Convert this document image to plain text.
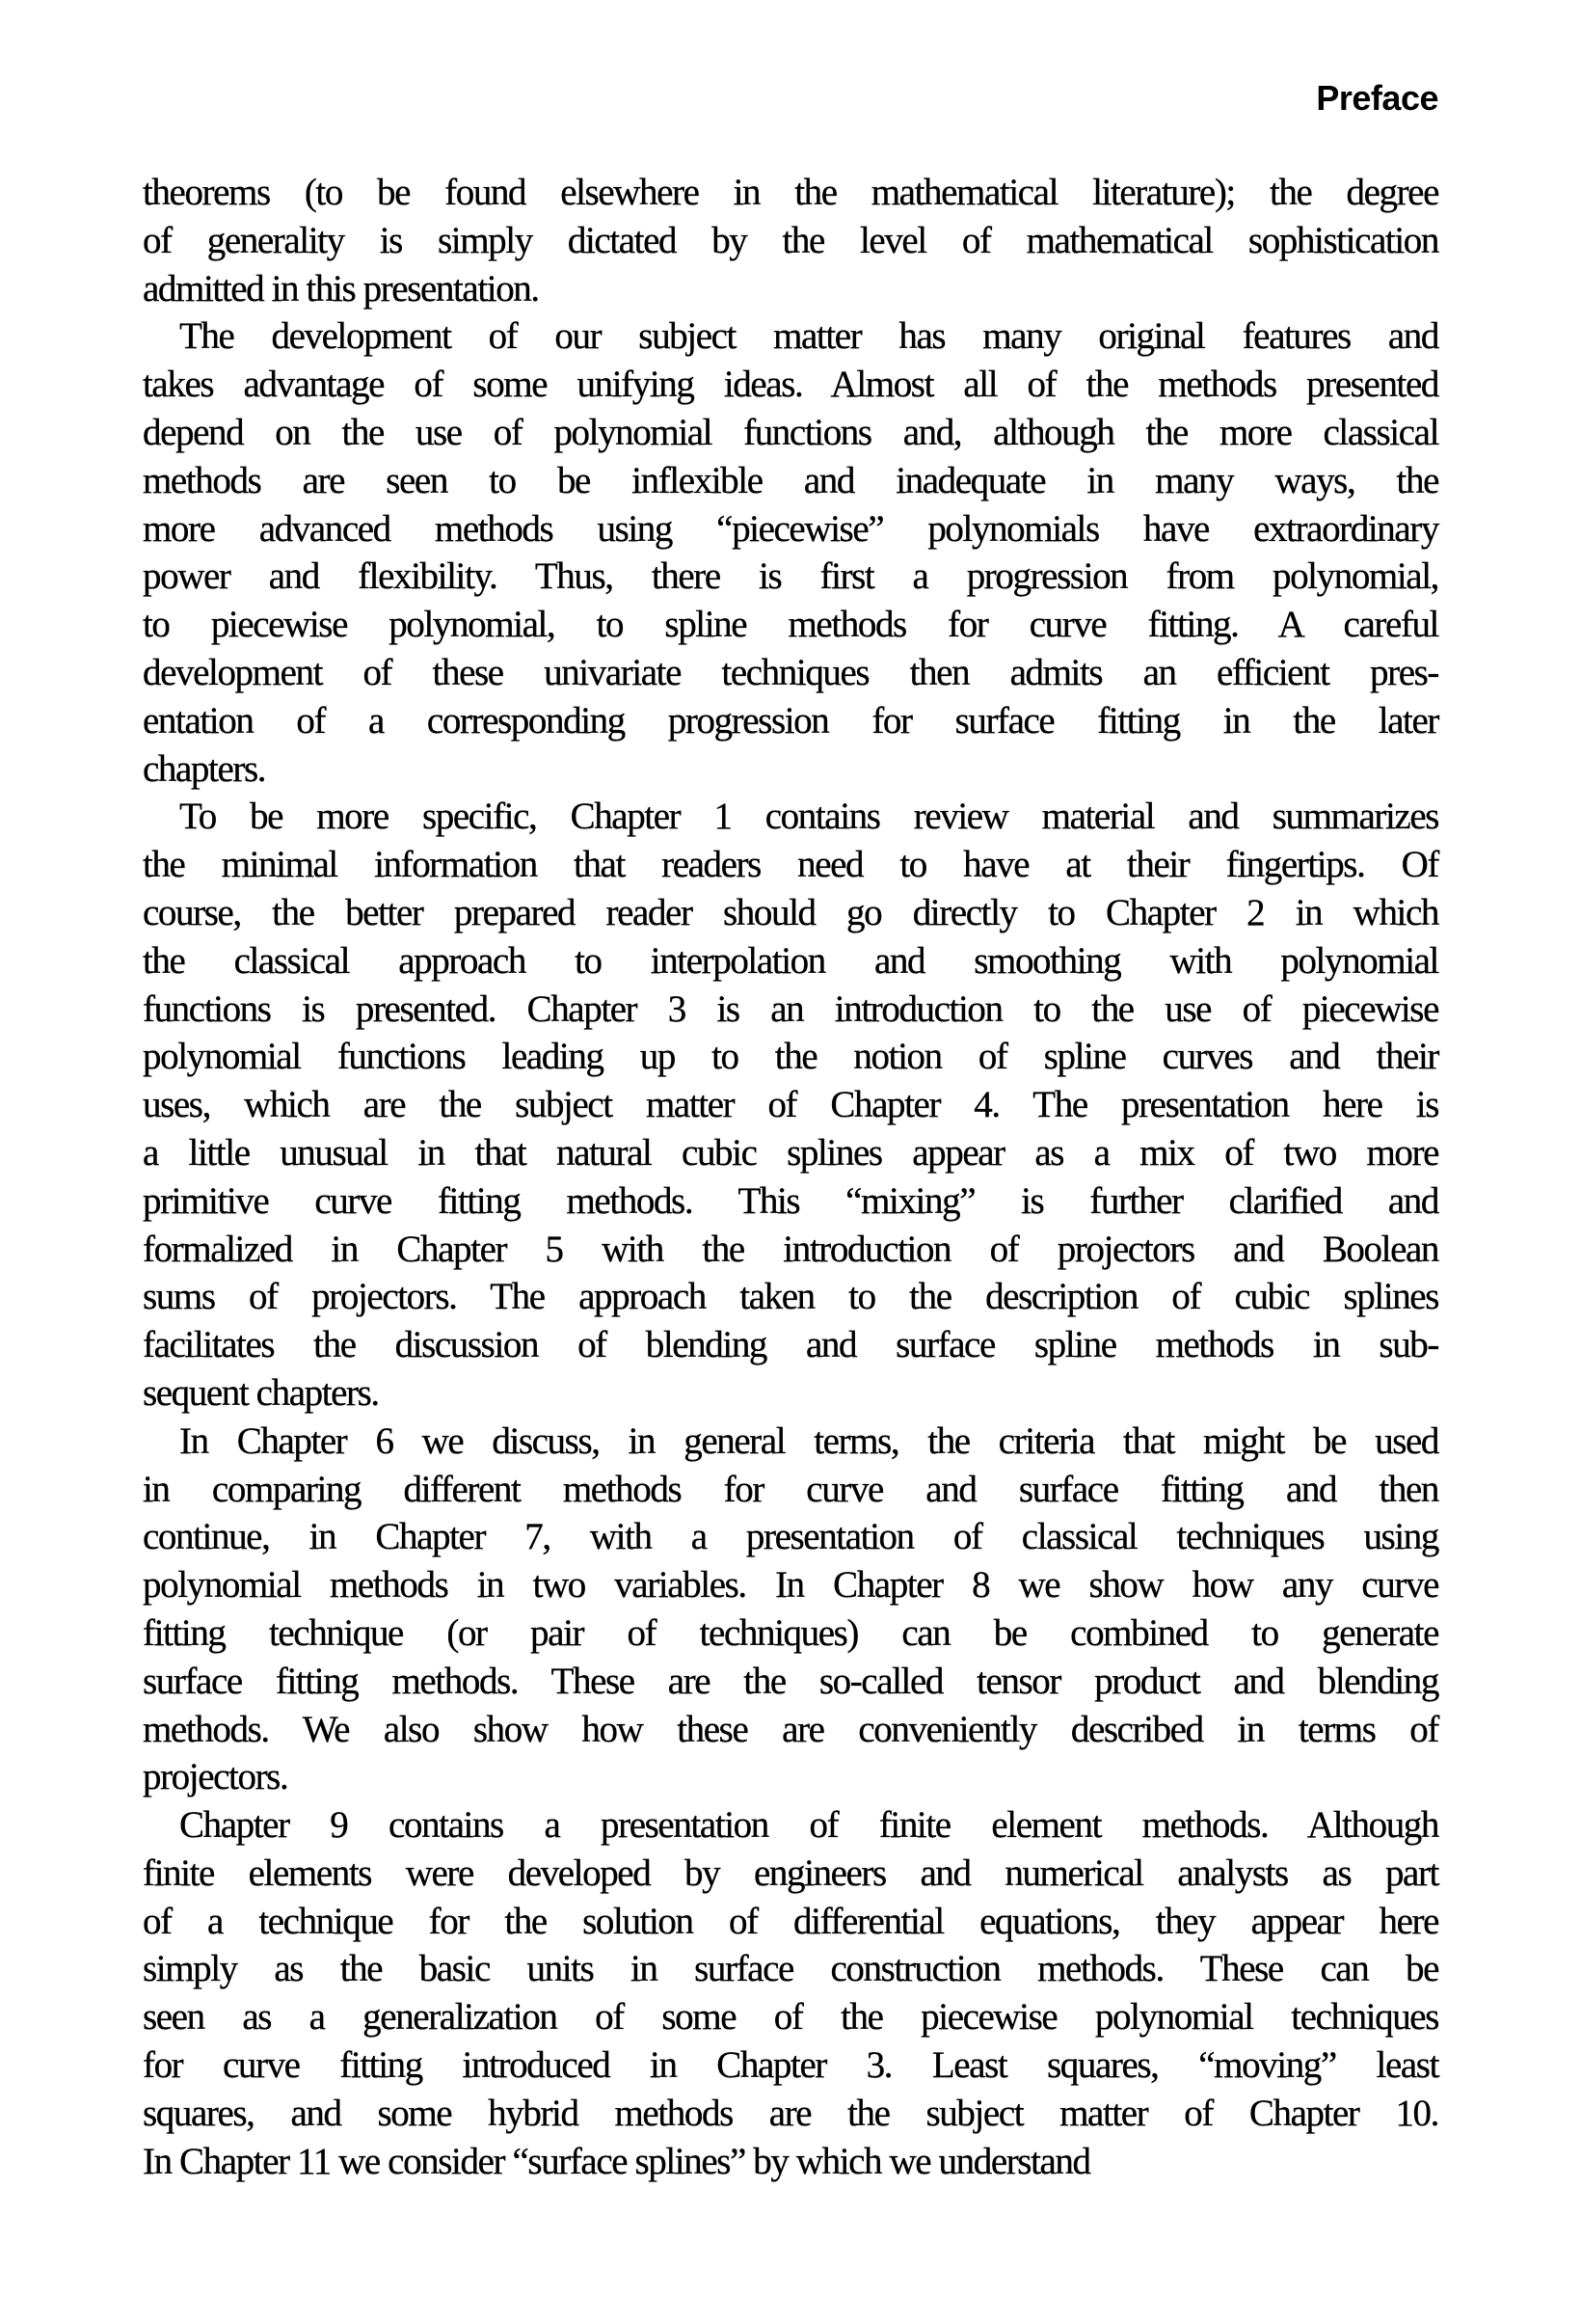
Preface
theorems (to be found elsewhere in the mathematical literature); the degree
of generality is simply dictated by the level of mathematical sophistication
admitted in this presentation.
The development of our subject matter has many original features and
takes advantage of some unifying ideas. Almost all of the methods presented
depend on the use of polynomial functions and, although the more classical
methods are seen to be inflexible and inadequate in many ways, the
more advanced methods using “piecewise” polynomials have extraordinary
power and flexibility. Thus, there is first a progression from polynomial,
to piecewise polynomial, to spline methods for curve fitting. A careful
development of these univariate techniques then admits an efficient pres-
entation of a corresponding progression for surface fitting in the later
chapters.
To be more specific, Chapter 1 contains review material and summarizes
the minimal information that readers need to have at their fingertips. Of
course, the better prepared reader should go directly to Chapter 2 in which
the classical approach to interpolation and smoothing with polynomial
functions is presented. Chapter 3 is an introduction to the use of piecewise
polynomial functions leading up to the notion of spline curves and their
uses, which are the subject matter of Chapter 4. The presentation here is
a little unusual in that natural cubic splines appear as a mix of two more
primitive curve fitting methods. This “mixing” is further clarified and
formalized in Chapter 5 with the introduction of projectors and Boolean
sums of projectors. The approach taken to the description of cubic splines
facilitates the discussion of blending and surface spline methods in sub-
sequent chapters.
In Chapter 6 we discuss, in general terms, the criteria that might be used
in comparing different methods for curve and surface fitting and then
continue, in Chapter 7, with a presentation of classical techniques using
polynomial methods in two variables. In Chapter 8 we show how any curve
fitting technique (or pair of techniques) can be combined to generate
surface fitting methods. These are the so-called tensor product and blending
methods. We also show how these are conveniently described in terms of
projectors.
Chapter 9 contains a presentation of finite element methods. Although
finite elements were developed by engineers and numerical analysts as part
of a technique for the solution of differential equations, they appear here
simply as the basic units in surface construction methods. These can be
seen as a generalization of some of the piecewise polynomial techniques
for curve fitting introduced in Chapter 3. Least squares, “moving” least
squares, and some hybrid methods are the subject matter of Chapter 10.
In Chapter 11 we consider “surface splines” by which we understand
